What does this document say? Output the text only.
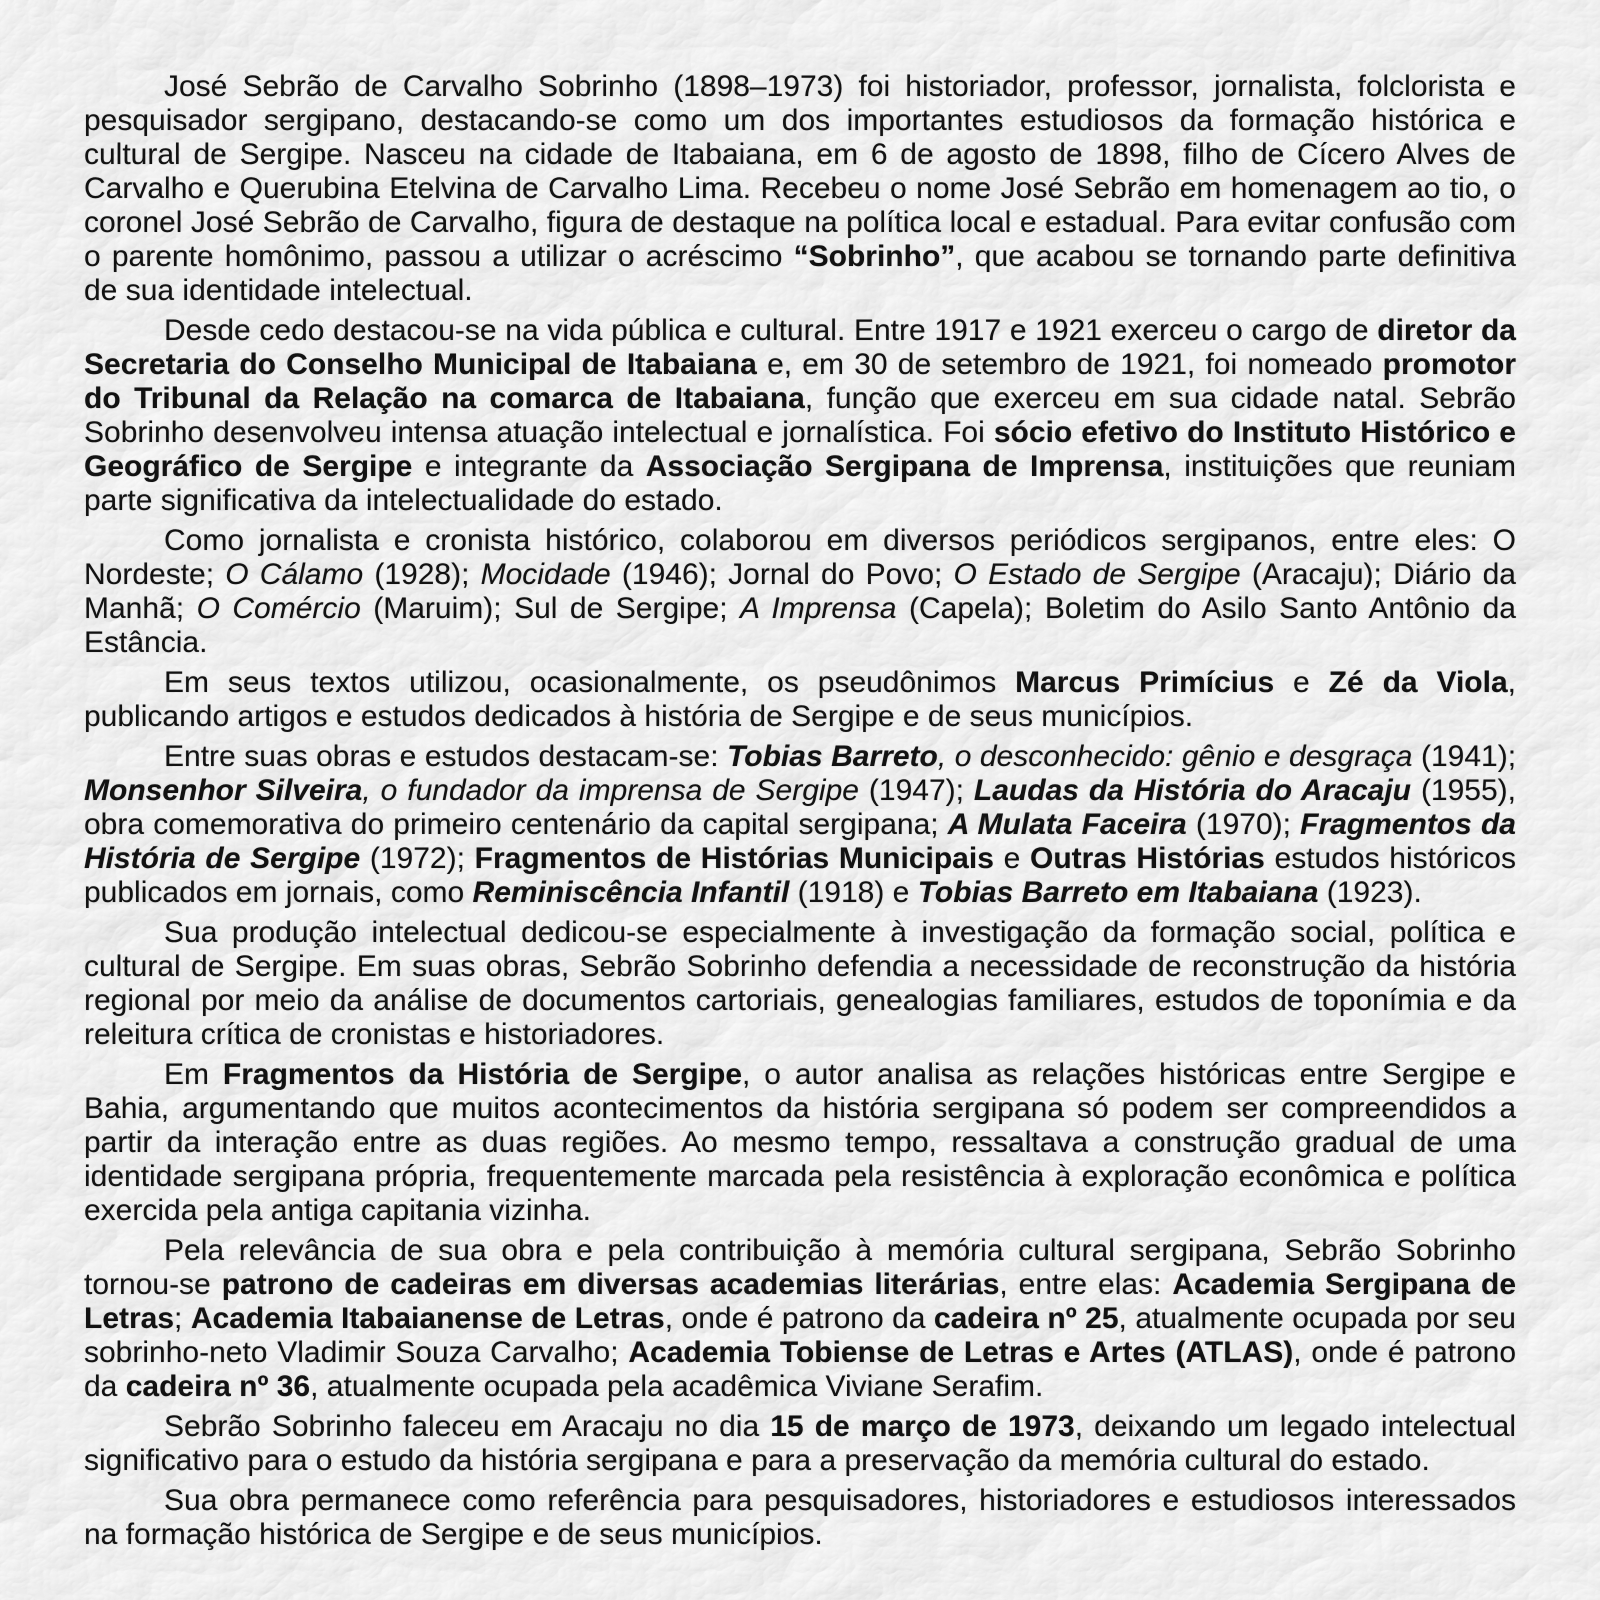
José Sebrão de Carvalho Sobrinho (1898–1973) foi historiador, professor, jornalista, folclorista e pesquisador sergipano, destacando-se como um dos importantes estudiosos da formação histórica e cultural de Sergipe. Nasceu na cidade de Itabaiana, em 6 de agosto de 1898, filho de Cícero Alves de Carvalho e Querubina Etelvina de Carvalho Lima. Recebeu o nome José Sebrão em homenagem ao tio, o coronel José Sebrão de Carvalho, figura de destaque na política local e estadual. Para evitar confusão com o parente homônimo, passou a utilizar o acréscimo “Sobrinho”, que acabou se tornando parte definitiva de sua identidade intelectual.

Desde cedo destacou-se na vida pública e cultural. Entre 1917 e 1921 exerceu o cargo de diretor da Secretaria do Conselho Municipal de Itabaiana e, em 30 de setembro de 1921, foi nomeado promotor do Tribunal da Relação na comarca de Itabaiana, função que exerceu em sua cidade natal. Sebrão Sobrinho desenvolveu intensa atuação intelectual e jornalística. Foi sócio efetivo do Instituto Histórico e Geográfico de Sergipe e integrante da Associação Sergipana de Imprensa, instituições que reuniam parte significativa da intelectualidade do estado.

Como jornalista e cronista histórico, colaborou em diversos periódicos sergipanos, entre eles: O Nordeste; O Cálamo (1928); Mocidade (1946); Jornal do Povo; O Estado de Sergipe (Aracaju); Diário da Manhã; O Comércio (Maruim); Sul de Sergipe; A Imprensa (Capela); Boletim do Asilo Santo Antônio da Estância.

Em seus textos utilizou, ocasionalmente, os pseudônimos Marcus Primícius e Zé da Viola, publicando artigos e estudos dedicados à história de Sergipe e de seus municípios.

Entre suas obras e estudos destacam-se: Tobias Barreto, o desconhecido: gênio e desgraça (1941); Monsenhor Silveira, o fundador da imprensa de Sergipe (1947); Laudas da História do Aracaju (1955), obra comemorativa do primeiro centenário da capital sergipana; A Mulata Faceira (1970); Fragmentos da História de Sergipe (1972); Fragmentos de Histórias Municipais e Outras Histórias estudos históricos publicados em jornais, como Reminiscência Infantil (1918) e Tobias Barreto em Itabaiana (1923).

Sua produção intelectual dedicou-se especialmente à investigação da formação social, política e cultural de Sergipe. Em suas obras, Sebrão Sobrinho defendia a necessidade de reconstrução da história regional por meio da análise de documentos cartoriais, genealogias familiares, estudos de toponímia e da releitura crítica de cronistas e historiadores.

Em Fragmentos da História de Sergipe, o autor analisa as relações históricas entre Sergipe e Bahia, argumentando que muitos acontecimentos da história sergipana só podem ser compreendidos a partir da interação entre as duas regiões. Ao mesmo tempo, ressaltava a construção gradual de uma identidade sergipana própria, frequentemente marcada pela resistência à exploração econômica e política exercida pela antiga capitania vizinha.

Pela relevância de sua obra e pela contribuição à memória cultural sergipana, Sebrão Sobrinho tornou-se patrono de cadeiras em diversas academias literárias, entre elas: Academia Sergipana de Letras; Academia Itabaianense de Letras, onde é patrono da cadeira nº 25, atualmente ocupada por seu sobrinho-neto Vladimir Souza Carvalho; Academia Tobiense de Letras e Artes (ATLAS), onde é patrono da cadeira nº 36, atualmente ocupada pela acadêmica Viviane Serafim.

Sebrão Sobrinho faleceu em Aracaju no dia 15 de março de 1973, deixando um legado intelectual significativo para o estudo da história sergipana e para a preservação da memória cultural do estado.

Sua obra permanece como referência para pesquisadores, historiadores e estudiosos interessados na formação histórica de Sergipe e de seus municípios.
